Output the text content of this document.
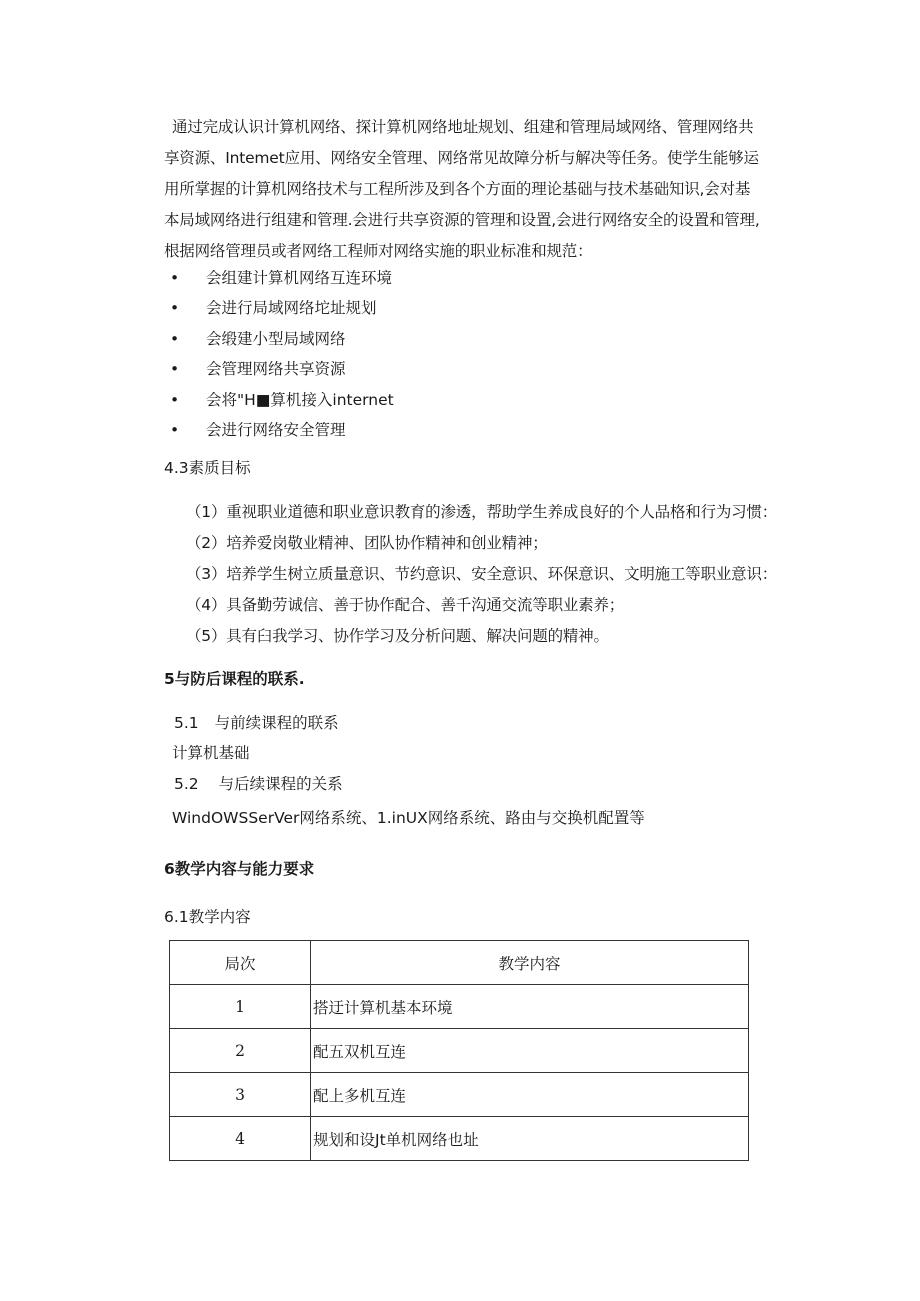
通过完成认识计算机网络、探计算机网络地址规划、组建和管理局域网络、管理网络共享资源、Intemet应用、网络安全管理、网络常见故障分析与解决等任务。使学生能够运用所掌握的计算机网络技术与工程所涉及到各个方面的理论基础与技术基础知识,会对基本局域网络进行组建和管理.会进行共享资源的管理和设置,会进行网络安全的设置和管理,根据网络管理员或者网络工程师对网络实施的职业标准和规范：

•	会组建计算机网络互连环境
•	会进行局域网络坨址规划
•	会缎建小型局域网络
•	会管理网络共享资源
•	会将"H■算机接入internet
•	会进行网络安全管理

4.3素质目标

（1）重视职业道德和职业意识教育的渗透，帮助学生养成良好的个人品格和行为习惯：
（2）培养爱岗敬业精神、团队协作精神和创业精神；
（3）培养学生树立质量意识、节约意识、安全意识、环保意识、文明施工等职业意识：
（4）具备勤劳诚信、善于协作配合、善千沟通交流等职业素养；
（5）具有臼我学习、协作学习及分析问题、解决问题的精神。

5与防后课程的联系.

5.1 与前续课程的联系

计算机基础

5.2 与后续课程的关系

WindOWSSerVer网络系统、1.inUX网络系统、路由与交换机配置等

6教学内容与能力要求

6.1教学内容

局次	教学内容
1	搭迂计算机基本环境
2	配五双机互连
3	配上多机互连
4	规划和设Jt单机网络也址
